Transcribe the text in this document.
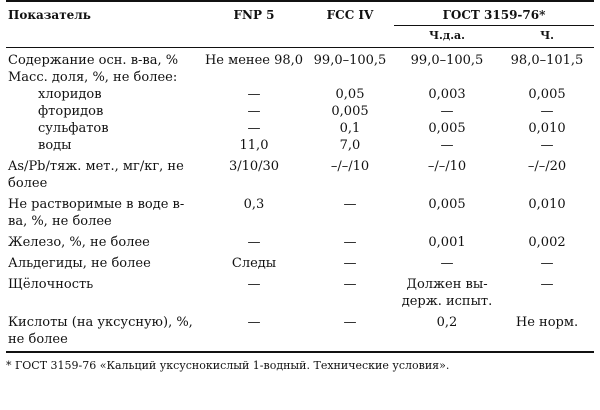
Показатель	FNP 5	FCC IV	ГОСТ 3159-76*	
			Ч.д.а.	Ч.
Содержание осн. в-ва, %	Не менее 98,0	99,0–100,5	99,0–100,5	98,0–101,5
Масс. доля, %, не более:				
хлоридов	—	0,05	0,003	0,005
фторидов	—	0,005	—	—
сульфатов	—	0,1	0,005	0,010
воды	11,0	7,0	—	—
As/Pb/тяж. мет., мг/кг, не более	3/10/30	–/–/10	–/–/10	–/–/20
Не растворимые в воде в-ва, %, не более	0,3	—	0,005	0,010
Железо, %, не более	—	—	0,001	0,002
Альдегиды, не более	Следы	—	—	—
Щёлочность	—	—	Должен выдерж. испыт.	—
Кислоты (на уксусную), %, не более	—	—	0,2	Не норм.
* ГОСТ 3159-76 «Кальций уксуснокислый 1-водный. Технические условия».
